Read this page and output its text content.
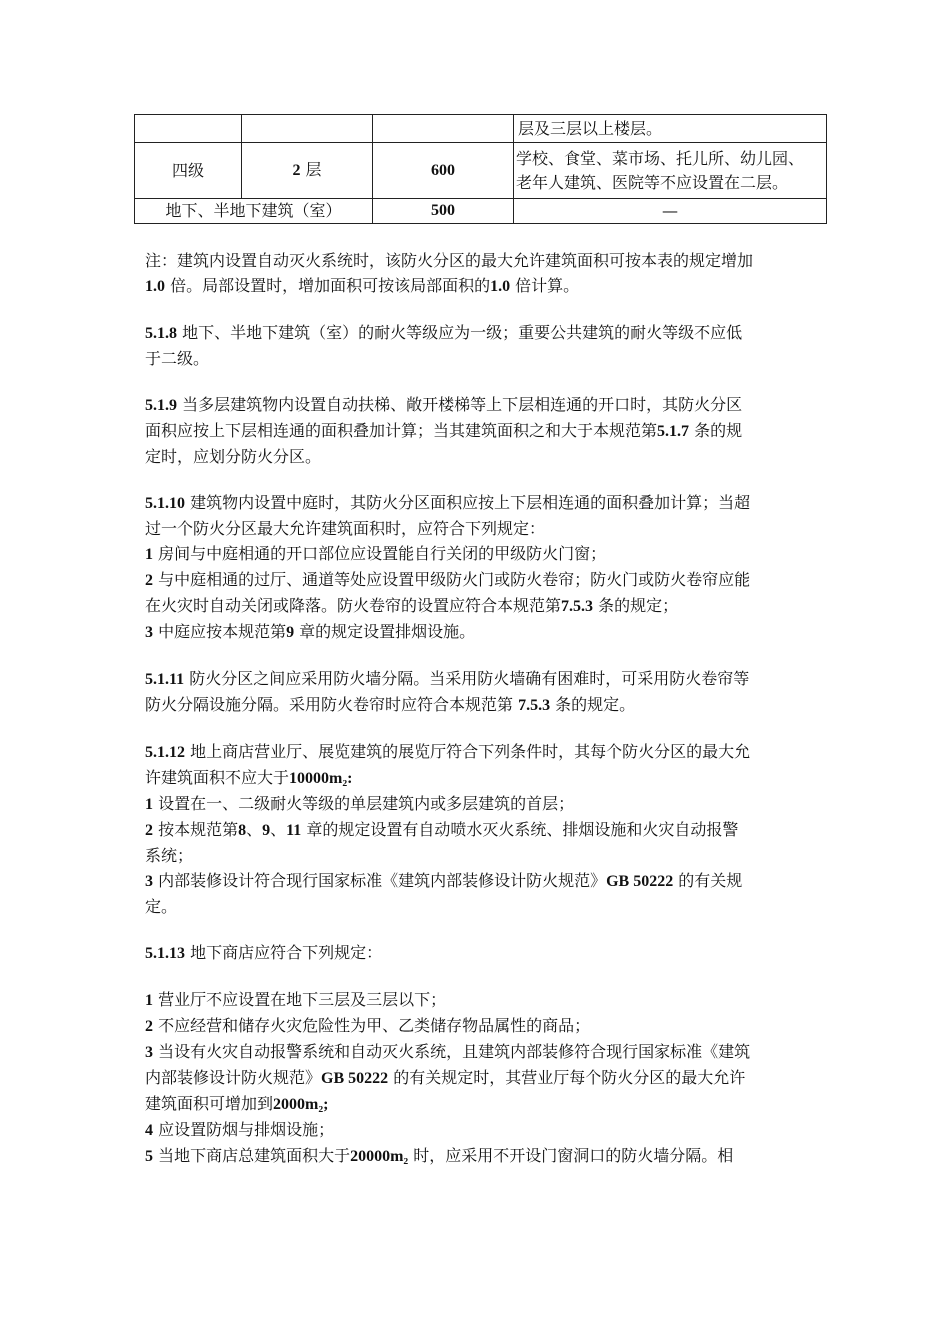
			层及三层以上楼层。
四级	2 层	600	学校、食堂、菜市场、托儿所、幼儿园、
老年人建筑、医院等不应设置在二层。

地下、半地下建筑（室）		500	—
注：建筑内设置自动灭火系统时，该防火分区的最大允许建筑面积可按本表的规定增加
1.0 倍。局部设置时，增加面积可按该局部面积的1.0 倍计算。
5.1.8 地下、半地下建筑（室）的耐火等级应为一级；重要公共建筑的耐火等级不应低
于二级。
5.1.9 当多层建筑物内设置自动扶梯、敞开楼梯等上下层相连通的开口时，其防火分区
面积应按上下层相连通的面积叠加计算；当其建筑面积之和大于本规范第5.1.7 条的规
定时，应划分防火分区。
5.1.10 建筑物内设置中庭时，其防火分区面积应按上下层相连通的面积叠加计算；当超
过一个防火分区最大允许建筑面积时，应符合下列规定：
1 房间与中庭相通的开口部位应设置能自行关闭的甲级防火门窗；
2 与中庭相通的过厅、通道等处应设置甲级防火门或防火卷帘；防火门或防火卷帘应能
在火灾时自动关闭或降落。防火卷帘的设置应符合本规范第7.5.3 条的规定；
3 中庭应按本规范第9 章的规定设置排烟设施。
5.1.11 防火分区之间应采用防火墙分隔。当采用防火墙确有困难时，可采用防火卷帘等
防火分隔设施分隔。采用防火卷帘时应符合本规范第 7.5.3 条的规定。
5.1.12 地上商店营业厅、展览建筑的展览厅符合下列条件时，其每个防火分区的最大允
许建筑面积不应大于10000m₂:
1 设置在一、二级耐火等级的单层建筑内或多层建筑的首层；
2 按本规范第8、9、11 章的规定设置有自动喷水灭火系统、排烟设施和火灾自动报警
系统；
3 内部装修设计符合现行国家标准《建筑内部装修设计防火规范》GB 50222 的有关规
定。
5.1.13 地下商店应符合下列规定：
1 营业厅不应设置在地下三层及三层以下；
2 不应经营和储存火灾危险性为甲、乙类储存物品属性的商品；
3 当设有火灾自动报警系统和自动灭火系统，且建筑内部装修符合现行国家标准《建筑
内部装修设计防火规范》GB 50222 的有关规定时，其营业厅每个防火分区的最大允许
建筑面积可增加到2000m₂;
4 应设置防烟与排烟设施；
5 当地下商店总建筑面积大于20000m₂ 时，应采用不开设门窗洞口的防火墙分隔。相
